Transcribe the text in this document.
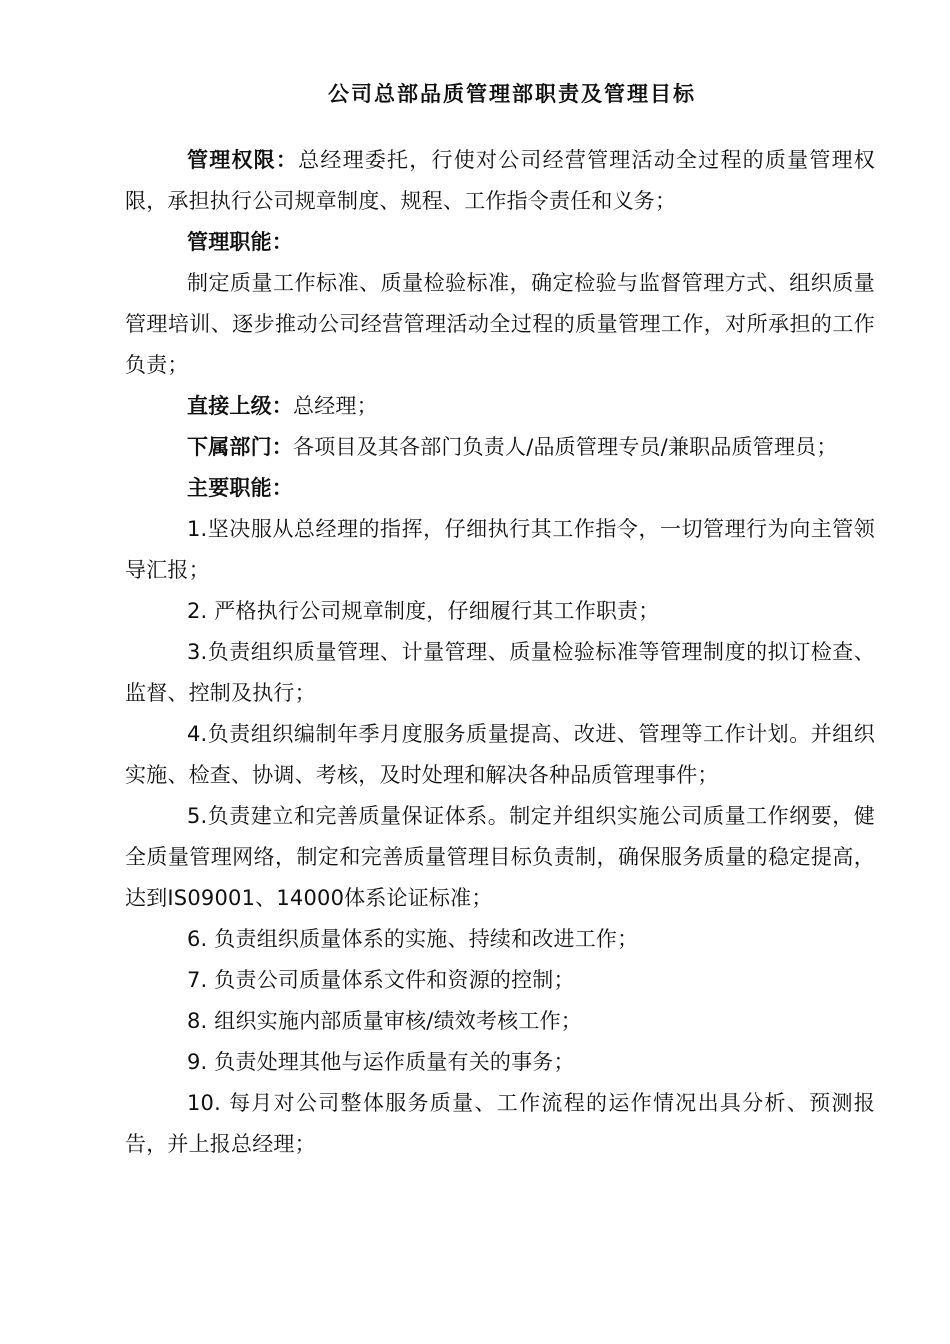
公司总部品质管理部职责及管理目标

管理权限：总经理委托，行使对公司经营管理活动全过程的质量管理权限，承担执行公司规章制度、规程、工作指令责任和义务；

管理职能：

制定质量工作标准、质量检验标准，确定检验与监督管理方式、组织质量管理培训、逐步推动公司经营管理活动全过程的质量管理工作，对所承担的工作负责；

直接上级：总经理；

下属部门：各项目及其各部门负责人/品质管理专员/兼职品质管理员；

主要职能：

1.坚决服从总经理的指挥，仔细执行其工作指令，一切管理行为向主管领导汇报；

2. 严格执行公司规章制度，仔细履行其工作职责；

3.负责组织质量管理、计量管理、质量检验标准等管理制度的拟订检查、监督、控制及执行；

4.负责组织编制年季月度服务质量提高、改进、管理等工作计划。并组织实施、检查、协调、考核，及时处理和解决各种品质管理事件；

5.负责建立和完善质量保证体系。制定并组织实施公司质量工作纲要，健全质量管理网络，制定和完善质量管理目标负责制，确保服务质量的稳定提高，达到IS09001、14000体系论证标准；

6. 负责组织质量体系的实施、持续和改进工作；

7. 负责公司质量体系文件和资源的控制；

8. 组织实施内部质量审核/绩效考核工作；

9. 负责处理其他与运作质量有关的事务；

10. 每月对公司整体服务质量、工作流程的运作情况出具分析、预测报告，并上报总经理；
